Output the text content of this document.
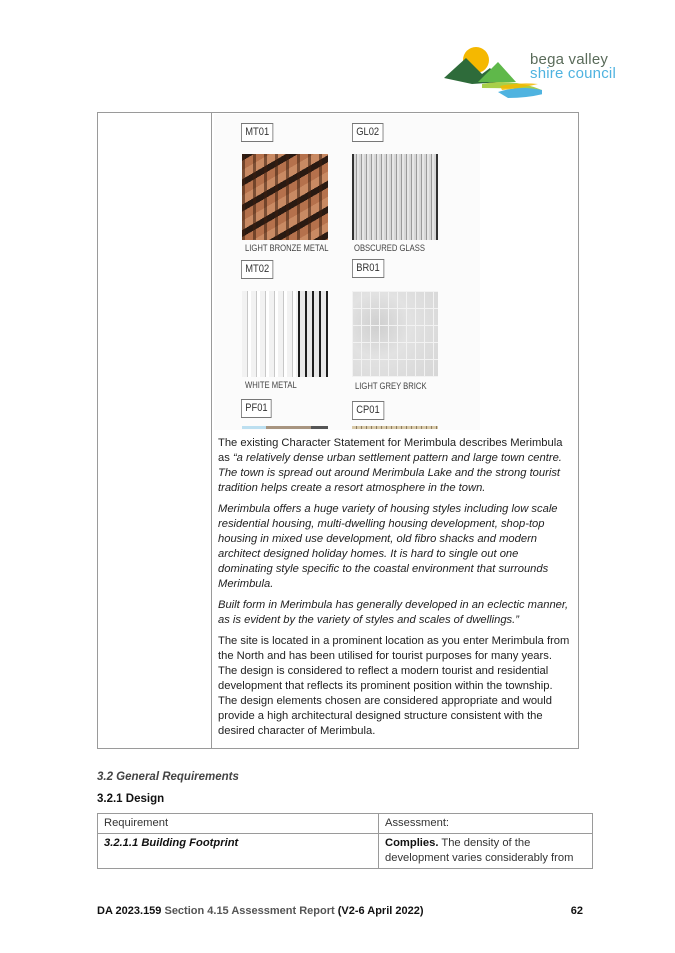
bega valley
shire council
MT01	GL02
LIGHT BRONZE METAL	OBSCURED GLASS
MT02	BR01
WHITE METAL	LIGHT GREY BRICK
PF01	CP01

The existing Character Statement for Merimbula describes Merimbula as “a relatively dense urban settlement pattern and large town centre. The town is spread out around Merimbula Lake and the strong tourist tradition helps create a resort atmosphere in the town.

Merimbula offers a huge variety of housing styles including low scale residential housing, multi-dwelling housing development, shop-top housing in mixed use development, old fibro shacks and modern architect designed holiday homes. It is hard to single out one dominating style specific to the coastal environment that surrounds Merimbula.

Built form in Merimbula has generally developed in an eclectic manner, as is evident by the variety of styles and scales of dwellings.”

The site is located in a prominent location as you enter Merimbula from the North and has been utilised for tourist purposes for many years. The design is considered to reflect a modern tourist and residential development that reflects its prominent position within the township. The design elements chosen are considered appropriate and would provide a high architectural designed structure consistent with the desired character of Merimbula.

3.2 General Requirements
3.2.1 Design
Requirement	Assessment:
3.2.1.1 Building Footprint	Complies. The density of the development varies considerably from
DA 2023.159 Section 4.15 Assessment Report (V2-6 April 2022)	62
